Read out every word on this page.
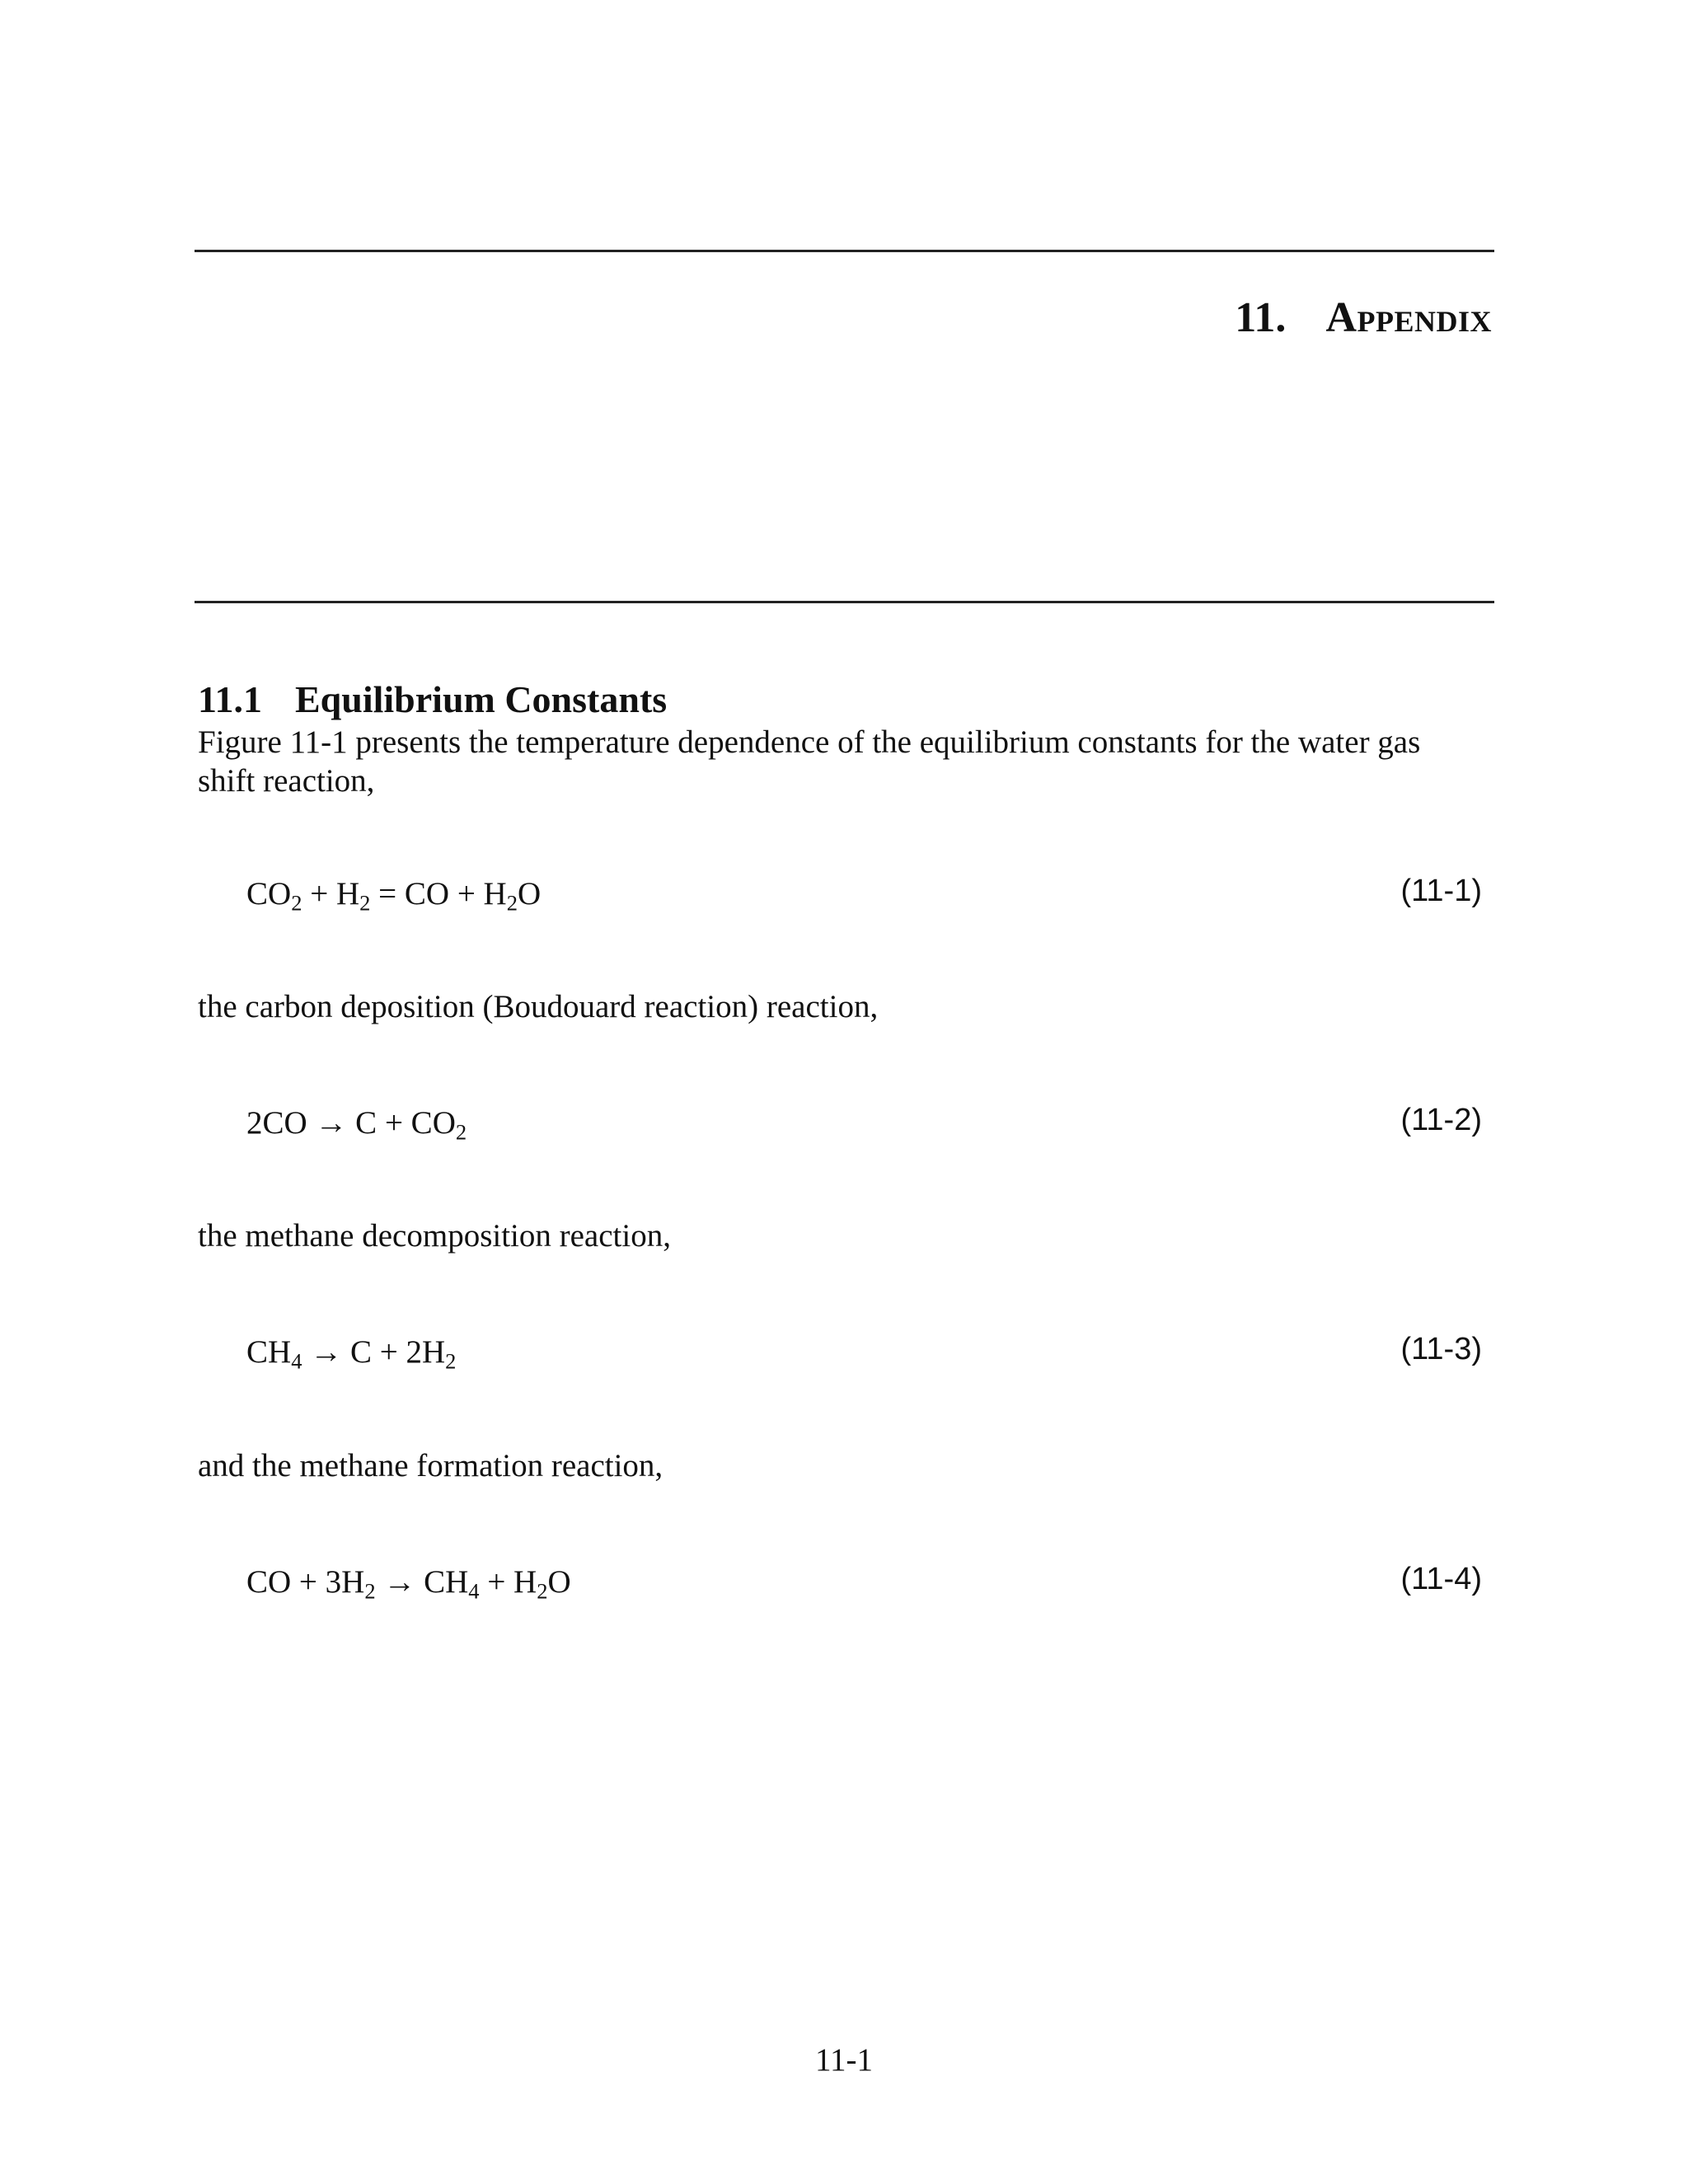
11. Appendix
11.1 Equilibrium Constants
Figure 11-1 presents the temperature dependence of the equilibrium constants for the water gas shift reaction,
$CO_2 + H_2$ = CO + $H_2O$	(11-1)
the carbon deposition (Boudouard reaction) reaction,
$2CO \to C + CO_2$	(11-2)
the methane decomposition reaction,
$CH_4 \to C + 2H_2$	(11-3)
and the methane formation reaction,
CO + $3H_2 \to CH_4 + H_2O$	(11-4)
11-1
